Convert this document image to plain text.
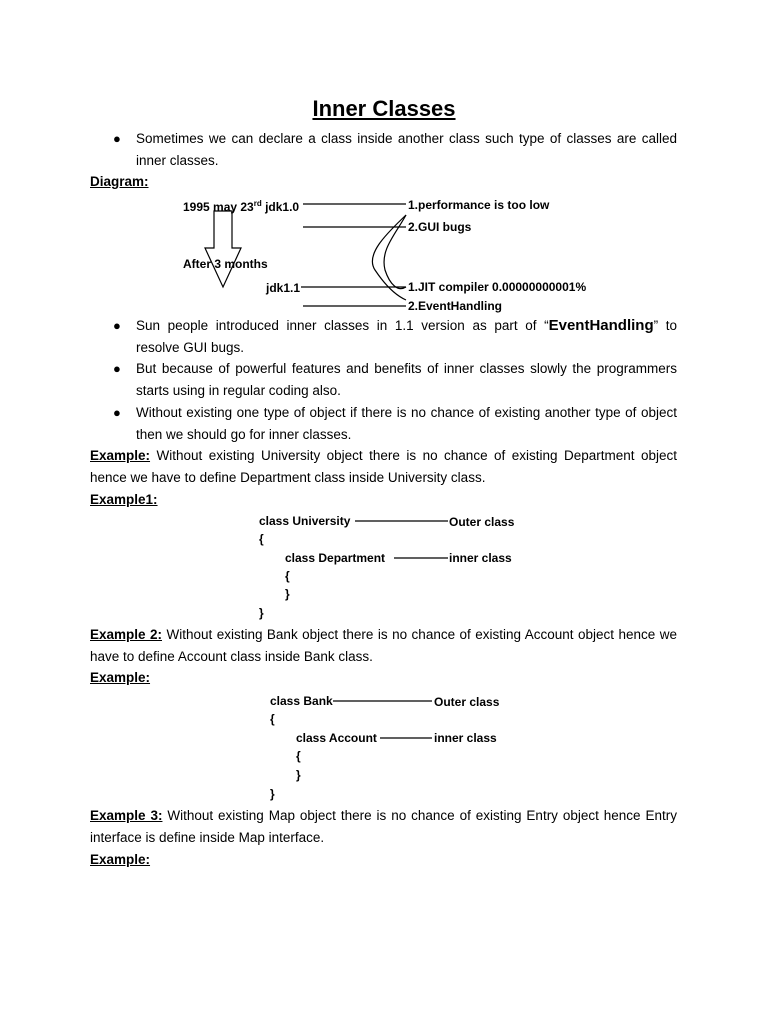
Inner Classes
● Sometimes we can declare a class inside another class such type of classes are called inner classes.
Diagram:
1995 may 23rd jdk1.0	1.performance is too low
2.GUI bugs
After 3 months
jdk1.1	1.JIT compiler 0.00000000001%
2.EventHandling
● Sun people introduced inner classes in 1.1 version as part of “EventHandling” to resolve GUI bugs.
● But because of powerful features and benefits of inner classes slowly the programmers starts using in regular coding also.
● Without existing one type of object if there is no chance of existing another type of object then we should go for inner classes.
Example: Without existing University object there is no chance of existing Department object hence we have to define Department class inside University class.
Example1:
class University	Outer class
{
class Department	inner class
{
}
}
Example 2: Without existing Bank object there is no chance of existing Account object hence we have to define Account class inside Bank class.
Example:
class Bank	Outer class
{
class Account	inner class
{
}
}
Example 3: Without existing Map object there is no chance of existing Entry object hence Entry interface is define inside Map interface.
Example:
